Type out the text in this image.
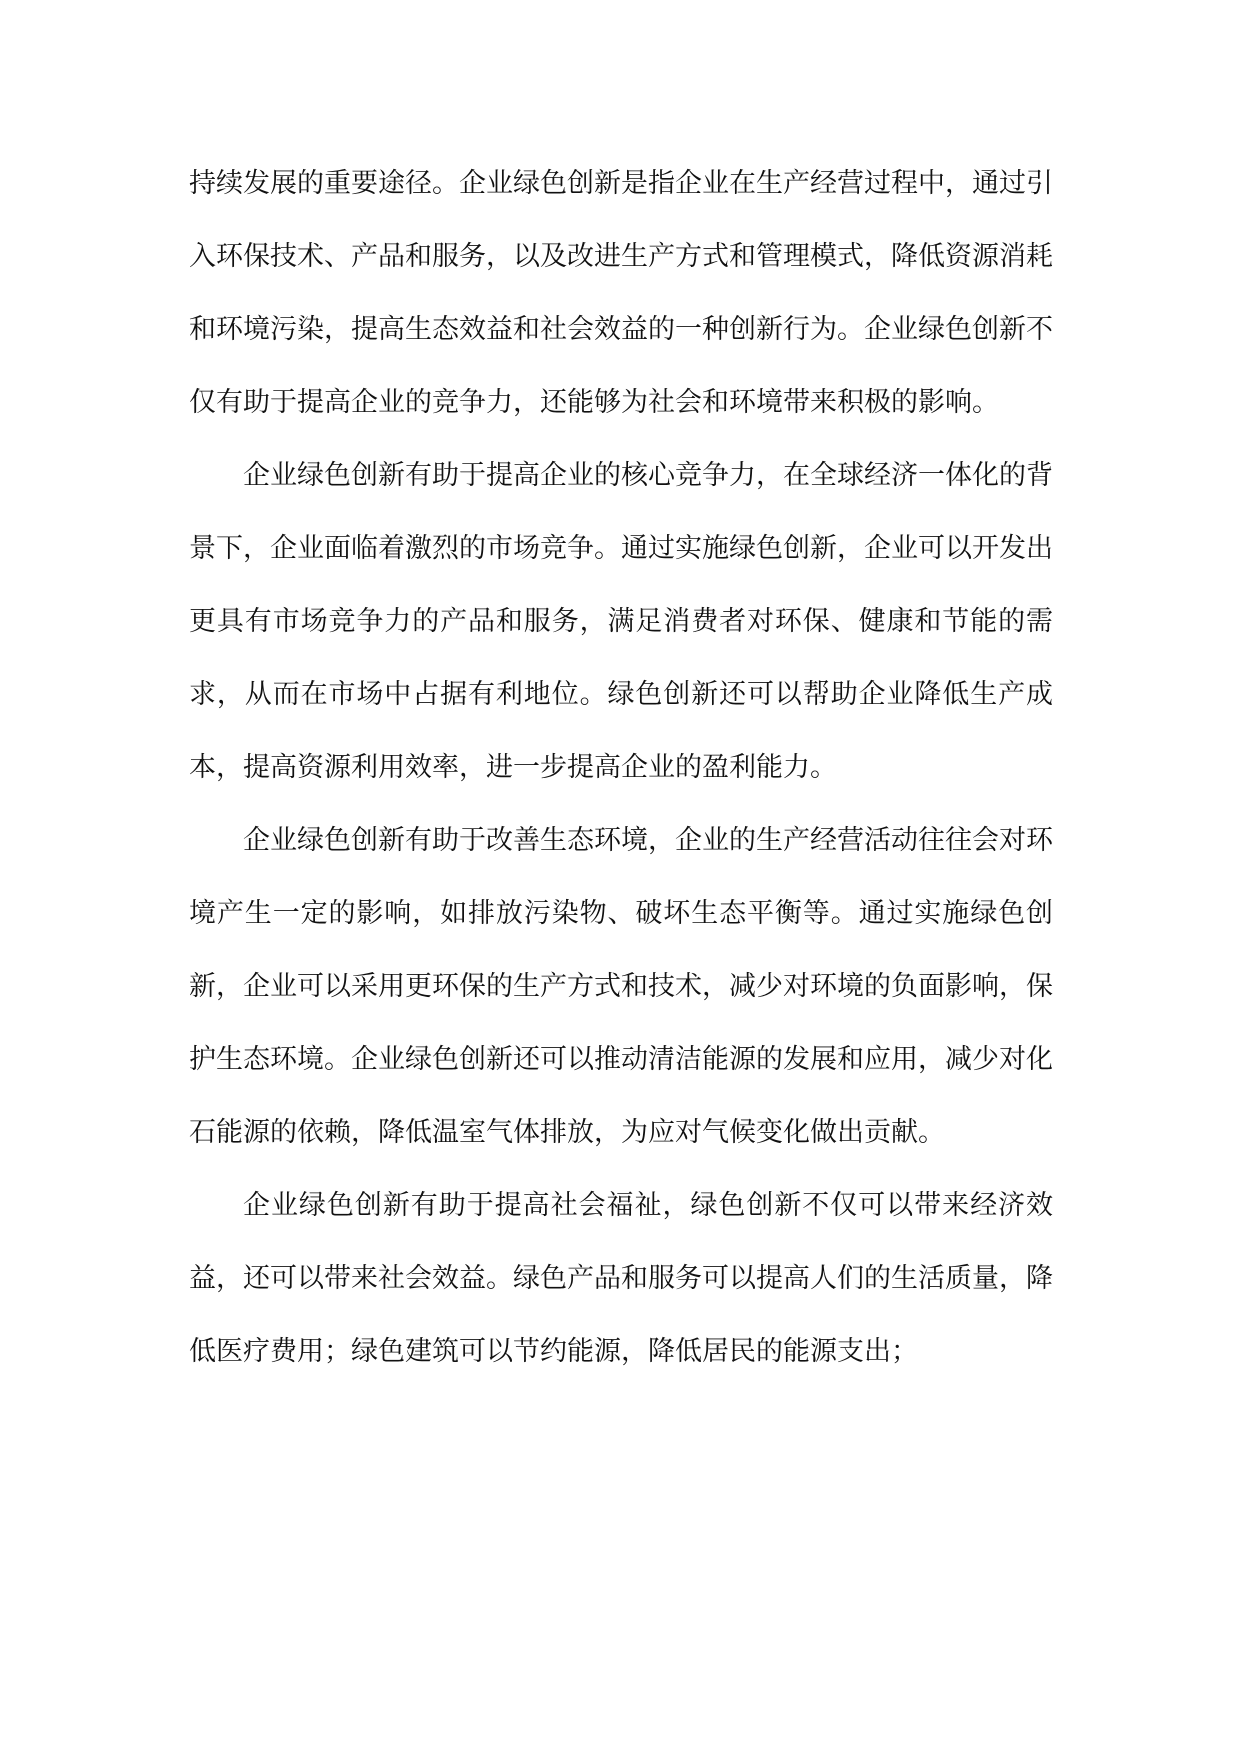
持续发展的重要途径。企业绿色创新是指企业在生产经营过程中，通过引入环保技术、产品和服务，以及改进生产方式和管理模式，降低资源消耗和环境污染，提高生态效益和社会效益的一种创新行为。企业绿色创新不仅有助于提高企业的竞争力，还能够为社会和环境带来积极的影响。

企业绿色创新有助于提高企业的核心竞争力，在全球经济一体化的背景下，企业面临着激烈的市场竞争。通过实施绿色创新，企业可以开发出更具有市场竞争力的产品和服务，满足消费者对环保、健康和节能的需求，从而在市场中占据有利地位。绿色创新还可以帮助企业降低生产成本，提高资源利用效率，进一步提高企业的盈利能力。

企业绿色创新有助于改善生态环境，企业的生产经营活动往往会对环境产生一定的影响，如排放污染物、破坏生态平衡等。通过实施绿色创新，企业可以采用更环保的生产方式和技术，减少对环境的负面影响，保护生态环境。企业绿色创新还可以推动清洁能源的发展和应用，减少对化石能源的依赖，降低温室气体排放，为应对气候变化做出贡献。

企业绿色创新有助于提高社会福祉，绿色创新不仅可以带来经济效益，还可以带来社会效益。绿色产品和服务可以提高人们的生活质量，降低医疗费用；绿色建筑可以节约能源，降低居民的能源支出；
